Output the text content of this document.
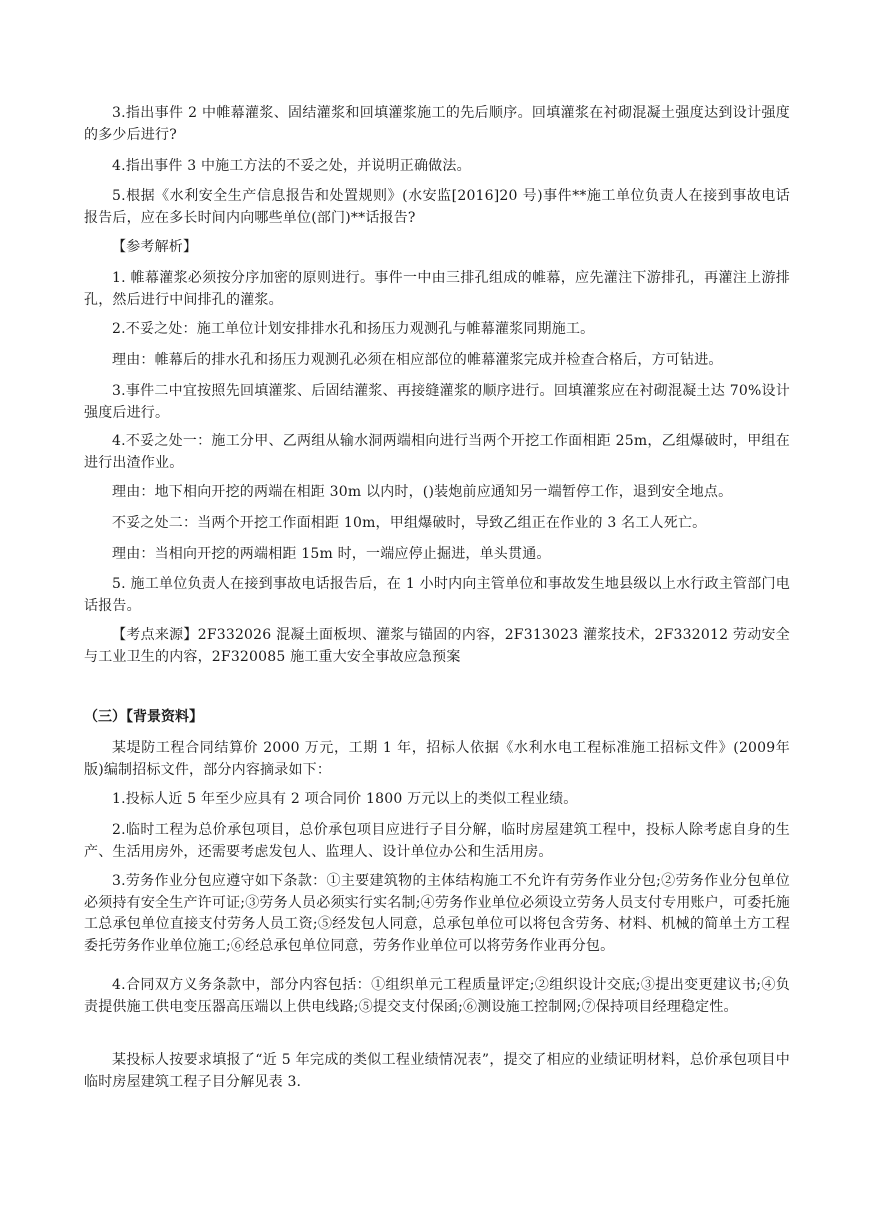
3.指出事件 2 中帷幕灌浆、固结灌浆和回填灌浆施工的先后顺序。回填灌浆在衬砌混凝土强度达到设计强度的多少后进行?

4.指出事件 3 中施工方法的不妥之处，并说明正确做法。

5.根据《水利安全生产信息报告和处置规则》(水安监[2016]20 号)事件**施工单位负责人在接到事故电话报告后，应在多长时间内向哪些单位(部门)**话报告?

【参考解析】

1. 帷幕灌浆必须按分序加密的原则进行。事件一中由三排孔组成的帷幕，应先灌注下游排孔，再灌注上游排孔，然后进行中间排孔的灌浆。

2.不妥之处：施工单位计划安排排水孔和扬压力观测孔与帷幕灌浆同期施工。

理由：帷幕后的排水孔和扬压力观测孔必须在相应部位的帷幕灌浆完成并检查合格后，方可钻进。

3.事件二中宜按照先回填灌浆、后固结灌浆、再接缝灌浆的顺序进行。回填灌浆应在衬砌混凝土达 70%设计强度后进行。

4.不妥之处一：施工分甲、乙两组从输水洞两端相向进行当两个开挖工作面相距 25m，乙组爆破时，甲组在进行出渣作业。

理由：地下相向开挖的两端在相距 30m 以内时，()装炮前应通知另一端暂停工作，退到安全地点。

不妥之处二：当两个开挖工作面相距 10m，甲组爆破时，导致乙组正在作业的 3 名工人死亡。

理由：当相向开挖的两端相距 15m 时，一端应停止掘进，单头贯通。

5. 施工单位负责人在接到事故电话报告后，在 1 小时内向主管单位和事故发生地县级以上水行政主管部门电话报告。

【考点来源】2F332026 混凝土面板坝、灌浆与锚固的内容，2F313023 灌浆技术，2F332012 劳动安全与工业卫生的内容，2F320085 施工重大安全事故应急预案

（三）【背景资料】

某堤防工程合同结算价 2000 万元，工期 1 年，招标人依据《水利水电工程标准施工招标文件》(2009年版)编制招标文件，部分内容摘录如下：

1.投标人近 5 年至少应具有 2 项合同价 1800 万元以上的类似工程业绩。

2.临时工程为总价承包项目，总价承包项目应进行子目分解，临时房屋建筑工程中，投标人除考虑自身的生产、生活用房外，还需要考虑发包人、监理人、设计单位办公和生活用房。

3.劳务作业分包应遵守如下条款：①主要建筑物的主体结构施工不允许有劳务作业分包;②劳务作业分包单位必须持有安全生产许可证;③劳务人员必须实行实名制;④劳务作业单位必须设立劳务人员支付专用账户，可委托施工总承包单位直接支付劳务人员工资;⑤经发包人同意，总承包单位可以将包含劳务、材料、机械的简单土方工程委托劳务作业单位施工;⑥经总承包单位同意，劳务作业单位可以将劳务作业再分包。

4.合同双方义务条款中，部分内容包括：①组织单元工程质量评定;②组织设计交底;③提出变更建议书;④负责提供施工供电变压器高压端以上供电线路;⑤提交支付保函;⑥测设施工控制网;⑦保持项目经理稳定性。

某投标人按要求填报了“近 5 年完成的类似工程业绩情况表”，提交了相应的业绩证明材料，总价承包项目中临时房屋建筑工程子目分解见表 3.
